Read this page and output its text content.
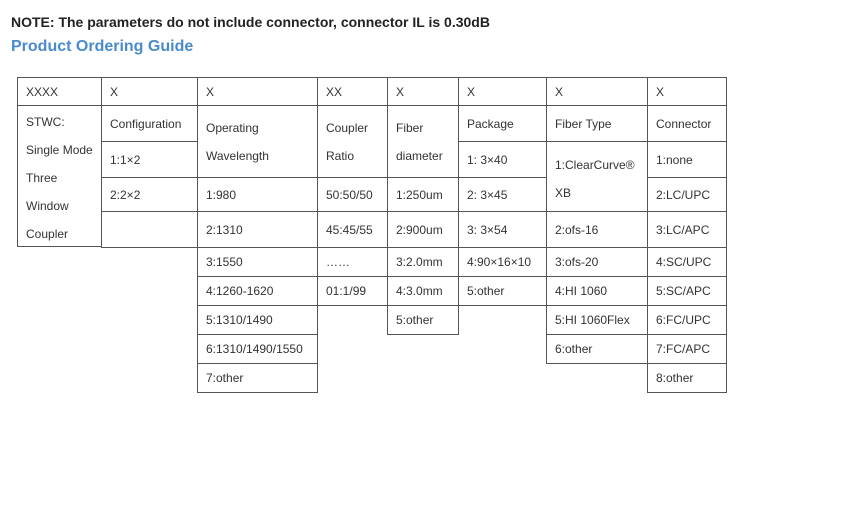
NOTE: The parameters do not include connector, connector IL is 0.30dB
Product Ordering Guide
XXXX
STWC:
Single Mode
Three
Window
Coupler
X
Configuration
1:1×2
2:2×2
X
Operating
Wavelength
1:980
2:1310
3:1550
4:1260-1620
5:1310/1490
6:1310/1490/1550
7:other
XX
Coupler
Ratio
50:50/50
45:45/55
……
01:1/99
X
Fiber
diameter
1:250um
2:900um
3:2.0mm
4:3.0mm
5:other
X
Package
1: 3×40
2: 3×45
3: 3×54
4:90×16×10
5:other
X
Fiber Type
1:ClearCurve®
XB
2:ofs-16
3:ofs-20
4:HI 1060
5:HI 1060Flex
6:other
X
Connector
1:none
2:LC/UPC
3:LC/APC
4:SC/UPC
5:SC/APC
6:FC/UPC
7:FC/APC
8:other
